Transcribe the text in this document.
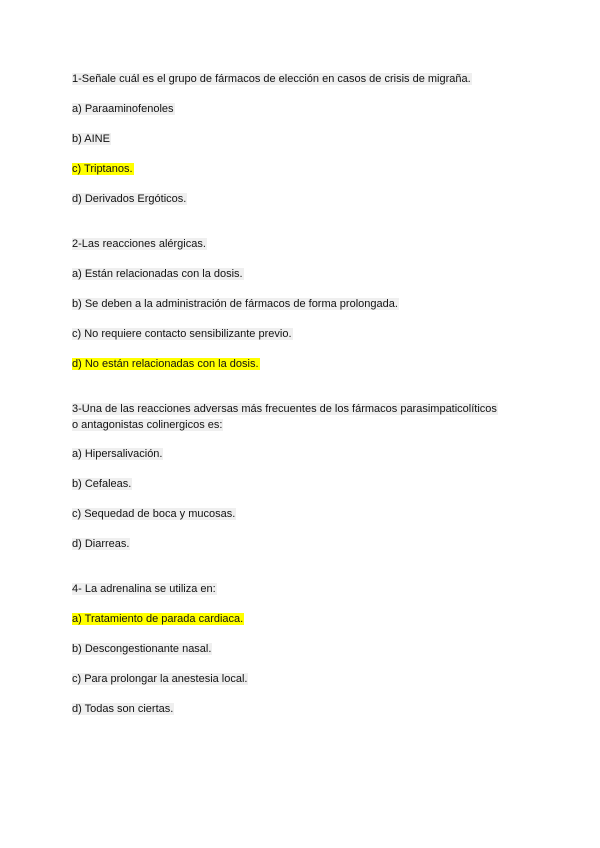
1-Señale cuál es el grupo de fármacos de elección en casos de crisis de migraña.
a) Paraaminofenoles
b) AINE
c) Triptanos.
d) Derivados Ergóticos.
2-Las reacciones alérgicas.
a) Están relacionadas con la dosis.
b) Se deben a la administración de fármacos de forma prolongada.
c) No requiere contacto sensibilizante previo.
d) No están relacionadas con la dosis.
3-Una de las reacciones adversas más frecuentes de los fármacos parasimpaticolíticos
o antagonistas colinergicos es:
a) Hipersalivación.
b) Cefaleas.
c) Sequedad de boca y mucosas.
d) Diarreas.
4- La adrenalina se utiliza en:
a) Tratamiento de parada cardiaca.
b) Descongestionante nasal.
c) Para prolongar la anestesia local.
d) Todas son ciertas.
